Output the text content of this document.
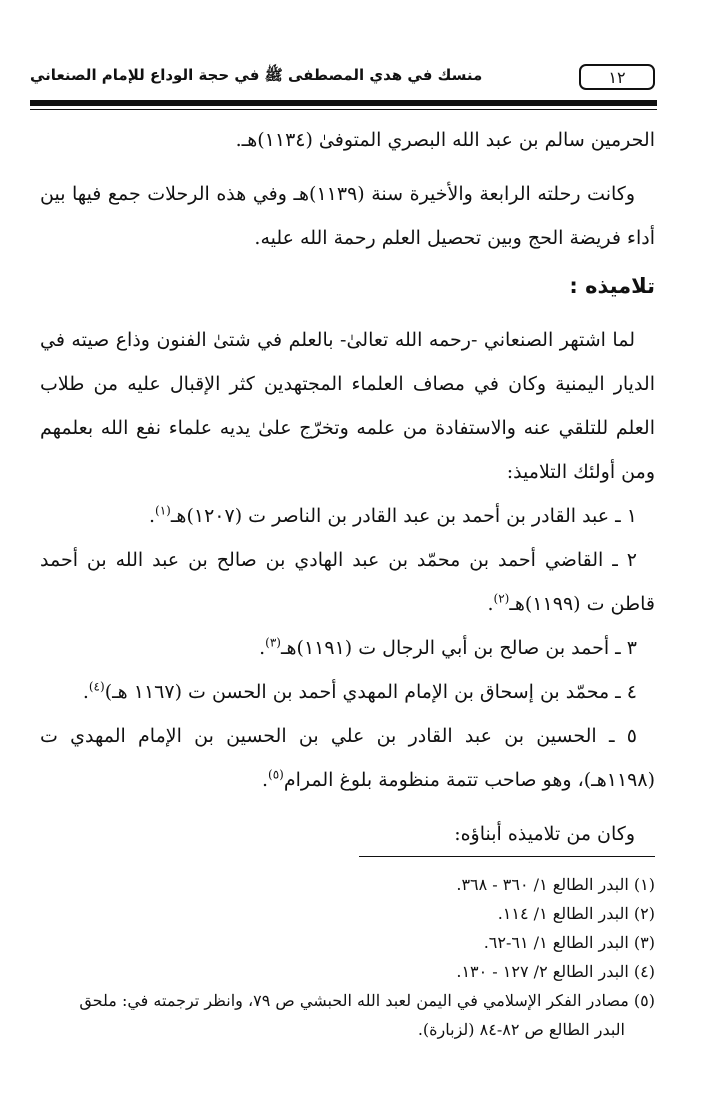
١٢
منسك في هدي المصطفى ﷺ في حجة الوداع للإمام الصنعاني

الحرمين سالم بن عبد الله البصري المتوفىٰ (١١٣٤)هـ.

وكانت رحلته الرابعة والأخيرة سنة (١١٣٩)هـ وفي هذه الرحلات جمع فيها بين أداء فريضة الحج وبين تحصيل العلم رحمة الله عليه.

تلاميذه :

لما اشتهر الصنعاني -رحمه الله تعالىٰ- بالعلم في شتىٰ الفنون وذاع صيته في الديار اليمنية وكان في مصاف العلماء المجتهدين كثر الإقبال عليه من طلاب العلم للتلقي عنه والاستفادة من علمه وتخرّج علىٰ يديه علماء نفع الله بعلمهم ومن أولئك التلاميذ:

١ ـ عبد القادر بن أحمد بن عبد القادر بن الناصر ت (١٢٠٧)هـ$^{(١)}$.

٢ ـ القاضي أحمد بن محمّد بن عبد الهادي بن صالح بن عبد الله بن أحمد قاطن ت (١١٩٩)هـ$^{(٢)}$.

٣ ـ أحمد بن صالح بن أبي الرجال ت (١١٩١)هـ$^{(٣)}$.

٤ ـ محمّد بن إسحاق بن الإمام المهدي أحمد بن الحسن ت (١١٦٧ هـ)$^{(٤)}$.

٥ ـ الحسين بن عبد القادر بن علي بن الحسين بن الإمام المهدي ت (١١٩٨هـ)، وهو صاحب تتمة منظومة بلوغ المرام$^{(٥)}$.

وكان من تلاميذه أبناؤه:

(١) البدر الطالع ١/ ٣٦٠ - ٣٦٨.

(٢) البدر الطالع ١/ ١١٤.

(٣) البدر الطالع ١/ ٦١-٦٢.

(٤) البدر الطالع ٢/ ١٢٧ - ١٣٠.

(٥) مصادر الفكر الإسلامي في اليمن لعبد الله الحبشي ص ٧٩، وانظر ترجمته في: ملحق

البدر الطالع ص ٨٢-٨٤ (لزبارة).
